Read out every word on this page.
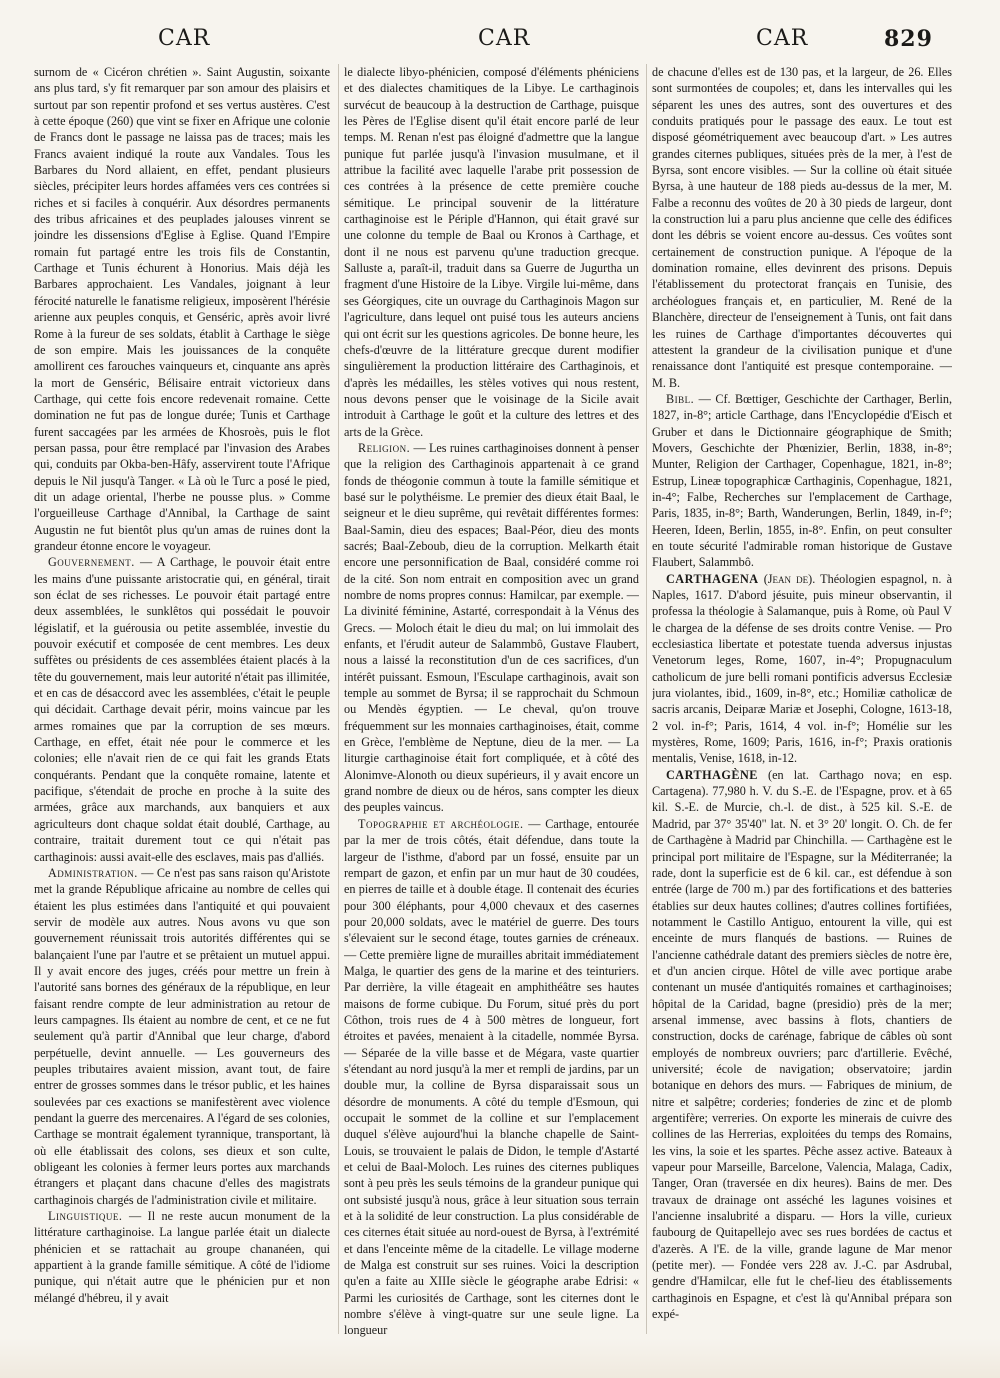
CAR	CAR	CAR	829

surnom de « Cicéron chrétien ». Saint Augustin, soixante ans plus tard, s'y fit remarquer par son amour des plaisirs et surtout par son repentir profond et ses vertus austères. C'est à cette époque (260) que vint se fixer en Afrique une colonie de Francs dont le passage ne laissa pas de traces; mais les Francs avaient indiqué la route aux Vandales. Tous les Barbares du Nord allaient, en effet, pendant plusieurs siècles, précipiter leurs hordes affamées vers ces contrées si riches et si faciles à conquérir. Aux désordres permanents des tribus africaines et des peuplades jalouses vinrent se joindre les dissensions d'Eglise à Eglise. Quand l'Empire romain fut partagé entre les trois fils de Constantin, Carthage et Tunis échurent à Honorius. Mais déjà les Barbares approchaient. Les Vandales, joignant à leur férocité naturelle le fanatisme religieux, imposèrent l'hérésie arienne aux peuples conquis, et Genséric, après avoir livré Rome à la fureur de ses soldats, établit à Carthage le siège de son empire. Mais les jouissances de la conquête amollirent ces farouches vainqueurs et, cinquante ans après la mort de Genséric, Bélisaire entrait victorieux dans Carthage, qui cette fois encore redevenait romaine. Cette domination ne fut pas de longue durée; Tunis et Carthage furent saccagées par les armées de Khosroès, puis le flot persan passa, pour être remplacé par l'invasion des Arabes qui, conduits par Okba-ben-Hâfy, asservirent toute l'Afrique depuis le Nil jusqu'à Tanger. « Là où le Turc a posé le pied, dit un adage oriental, l'herbe ne pousse plus. » Comme l'orgueilleuse Carthage d'Annibal, la Carthage de saint Augustin ne fut bientôt plus qu'un amas de ruines dont la grandeur étonne encore le voyageur.

Gouvernement. — A Carthage, le pouvoir était entre les mains d'une puissante aristocratie qui, en général, tirait son éclat de ses richesses. Le pouvoir était partagé entre deux assemblées, le sunklêtos qui possédait le pouvoir législatif, et la guérousia ou petite assemblée, investie du pouvoir exécutif et composée de cent membres. Les deux suffètes ou présidents de ces assemblées étaient placés à la tête du gouvernement, mais leur autorité n'était pas illimitée, et en cas de désaccord avec les assemblées, c'était le peuple qui décidait. Carthage devait périr, moins vaincue par les armes romaines que par la corruption de ses mœurs. Carthage, en effet, était née pour le commerce et les colonies; elle n'avait rien de ce qui fait les grands Etats conquérants. Pendant que la conquête romaine, latente et pacifique, s'étendait de proche en proche à la suite des armées, grâce aux marchands, aux banquiers et aux agriculteurs dont chaque soldat était doublé, Carthage, au contraire, traitait durement tout ce qui n'était pas carthaginois: aussi avait-elle des esclaves, mais pas d'alliés.

Administration. — Ce n'est pas sans raison qu'Aristote met la grande République africaine au nombre de celles qui étaient les plus estimées dans l'antiquité et qui pouvaient servir de modèle aux autres. Nous avons vu que son gouvernement réunissait trois autorités différentes qui se balançaient l'une par l'autre et se prêtaient un mutuel appui. Il y avait encore des juges, créés pour mettre un frein à l'autorité sans bornes des généraux de la république, en leur faisant rendre compte de leur administration au retour de leurs campagnes. Ils étaient au nombre de cent, et ce ne fut seulement qu'à partir d'Annibal que leur charge, d'abord perpétuelle, devint annuelle. — Les gouverneurs des peuples tributaires avaient mission, avant tout, de faire entrer de grosses sommes dans le trésor public, et les haines soulevées par ces exactions se manifestèrent avec violence pendant la guerre des mercenaires. A l'égard de ses colonies, Carthage se montrait également tyrannique, transportant, là où elle établissait des colons, ses dieux et son culte, obligeant les colonies à fermer leurs portes aux marchands étrangers et plaçant dans chacune d'elles des magistrats carthaginois chargés de l'administration civile et militaire.

Linguistique. — Il ne reste aucun monument de la littérature carthaginoise. La langue parlée était un dialecte phénicien et se rattachait au groupe chananéen, qui appartient à la grande famille sémitique. A côté de l'idiome punique, qui n'était autre que le phénicien pur et non mélangé d'hébreu, il y avait

le dialecte libyo-phénicien, composé d'éléments phéniciens et des dialectes chamitiques de la Libye. Le carthaginois survécut de beaucoup à la destruction de Carthage, puisque les Pères de l'Eglise disent qu'il était encore parlé de leur temps. M. Renan n'est pas éloigné d'admettre que la langue punique fut parlée jusqu'à l'invasion musulmane, et il attribue la facilité avec laquelle l'arabe prit possession de ces contrées à la présence de cette première couche sémitique. Le principal souvenir de la littérature carthaginoise est le Périple d'Hannon, qui était gravé sur une colonne du temple de Baal ou Kronos à Carthage, et dont il ne nous est parvenu qu'une traduction grecque. Salluste a, paraît-il, traduit dans sa Guerre de Jugurtha un fragment d'une Histoire de la Libye. Virgile lui-même, dans ses Géorgiques, cite un ouvrage du Carthaginois Magon sur l'agriculture, dans lequel ont puisé tous les auteurs anciens qui ont écrit sur les questions agricoles. De bonne heure, les chefs-d'œuvre de la littérature grecque durent modifier singulièrement la production littéraire des Carthaginois, et d'après les médailles, les stèles votives qui nous restent, nous devons penser que le voisinage de la Sicile avait introduit à Carthage le goût et la culture des lettres et des arts de la Grèce.

Religion. — Les ruines carthaginoises donnent à penser que la religion des Carthaginois appartenait à ce grand fonds de théogonie commun à toute la famille sémitique et basé sur le polythéisme. Le premier des dieux était Baal, le seigneur et le dieu suprême, qui revêtait différentes formes: Baal-Samin, dieu des espaces; Baal-Péor, dieu des monts sacrés; Baal-Zeboub, dieu de la corruption. Melkarth était encore une personnification de Baal, considéré comme roi de la cité. Son nom entrait en composition avec un grand nombre de noms propres connus: Hamilcar, par exemple. — La divinité féminine, Astarté, correspondait à la Vénus des Grecs. — Moloch était le dieu du mal; on lui immolait des enfants, et l'érudit auteur de Salammbô, Gustave Flaubert, nous a laissé la reconstitution d'un de ces sacrifices, d'un intérêt puissant. Esmoun, l'Esculape carthaginois, avait son temple au sommet de Byrsa; il se rapprochait du Schmoun ou Mendès égyptien. — Le cheval, qu'on trouve fréquemment sur les monnaies carthaginoises, était, comme en Grèce, l'emblème de Neptune, dieu de la mer. — La liturgie carthaginoise était fort compliquée, et à côté des Alonimve-Alonoth ou dieux supérieurs, il y avait encore un grand nombre de dieux ou de héros, sans compter les dieux des peuples vaincus.

Topographie et archéologie. — Carthage, entourée par la mer de trois côtés, était défendue, dans toute la largeur de l'isthme, d'abord par un fossé, ensuite par un rempart de gazon, et enfin par un mur haut de 30 coudées, en pierres de taille et à double étage. Il contenait des écuries pour 300 éléphants, pour 4,000 chevaux et des casernes pour 20,000 soldats, avec le matériel de guerre. Des tours s'élevaient sur le second étage, toutes garnies de créneaux. — Cette première ligne de murailles abritait immédiatement Malga, le quartier des gens de la marine et des teinturiers. Par derrière, la ville étageait en amphithéâtre ses hautes maisons de forme cubique. Du Forum, situé près du port Côthon, trois rues de 4 à 500 mètres de longueur, fort étroites et pavées, menaient à la citadelle, nommée Byrsa. — Séparée de la ville basse et de Mégara, vaste quartier s'étendant au nord jusqu'à la mer et rempli de jardins, par un double mur, la colline de Byrsa disparaissait sous un désordre de monuments. A côté du temple d'Esmoun, qui occupait le sommet de la colline et sur l'emplacement duquel s'élève aujourd'hui la blanche chapelle de Saint-Louis, se trouvaient le palais de Didon, le temple d'Astarté et celui de Baal-Moloch. Les ruines des citernes publiques sont à peu près les seuls témoins de la grandeur punique qui ont subsisté jusqu'à nous, grâce à leur situation sous terrain et à la solidité de leur construction. La plus considérable de ces citernes était située au nord-ouest de Byrsa, à l'extrémité et dans l'enceinte même de la citadelle. Le village moderne de Malga est construit sur ses ruines. Voici la description qu'en a faite au XIIIe siècle le géographe arabe Edrisi: « Parmi les curiosités de Carthage, sont les citernes dont le nombre s'élève à vingt-quatre sur une seule ligne. La longueur

de chacune d'elles est de 130 pas, et la largeur, de 26. Elles sont surmontées de coupoles; et, dans les intervalles qui les séparent les unes des autres, sont des ouvertures et des conduits pratiqués pour le passage des eaux. Le tout est disposé géométriquement avec beaucoup d'art. » Les autres grandes citernes publiques, situées près de la mer, à l'est de Byrsa, sont encore visibles. — Sur la colline où était située Byrsa, à une hauteur de 188 pieds au-dessus de la mer, M. Falbe a reconnu des voûtes de 20 à 30 pieds de largeur, dont la construction lui a paru plus ancienne que celle des édifices dont les débris se voient encore au-dessus. Ces voûtes sont certainement de construction punique. A l'époque de la domination romaine, elles devinrent des prisons. Depuis l'établissement du protectorat français en Tunisie, des archéologues français et, en particulier, M. René de la Blanchère, directeur de l'enseignement à Tunis, ont fait dans les ruines de Carthage d'importantes découvertes qui attestent la grandeur de la civilisation punique et d'une renaissance dont l'antiquité est presque contemporaine. — M. B.

Bibl. — Cf. Bœttiger, Geschichte der Carthager, Berlin, 1827, in-8°; article Carthage, dans l'Encyclopédie d'Eisch et Gruber et dans le Dictionnaire géographique de Smith; Movers, Geschichte der Phœnizier, Berlin, 1838, in-8°; Munter, Religion der Carthager, Copenhague, 1821, in-8°; Estrup, Lineæ topographicæ Carthaginis, Copenhague, 1821, in-4°; Falbe, Recherches sur l'emplacement de Carthage, Paris, 1835, in-8°; Barth, Wanderungen, Berlin, 1849, in-f°; Heeren, Ideen, Berlin, 1855, in-8°. Enfin, on peut consulter en toute sécurité l'admirable roman historique de Gustave Flaubert, Salammbô.

CARTHAGENA (Jean de). Théologien espagnol, n. à Naples, 1617. D'abord jésuite, puis mineur observantin, il professa la théologie à Salamanque, puis à Rome, où Paul V le chargea de la défense de ses droits contre Venise. — Pro ecclesiastica libertate et potestate tuenda adversus injustas Venetorum leges, Rome, 1607, in-4°; Propugnaculum catholicum de jure belli romani pontificis adversus Ecclesiæ jura violantes, ibid., 1609, in-8°, etc.; Homiliæ catholicæ de sacris arcanis, Deiparæ Mariæ et Josephi, Cologne, 1613-18, 2 vol. in-f°; Paris, 1614, 4 vol. in-f°; Homélie sur les mystères, Rome, 1609; Paris, 1616, in-f°; Praxis orationis mentalis, Venise, 1618, in-12.

CARTHAGÈNE (en lat. Carthago nova; en esp. Cartagena). 77,980 h. V. du S.-E. de l'Espagne, prov. et à 65 kil. S.-E. de Murcie, ch.-l. de dist., à 525 kil. S.-E. de Madrid, par 37° 35'40" lat. N. et 3° 20' longit. O. Ch. de fer de Carthagène à Madrid par Chinchilla. — Carthagène est le principal port militaire de l'Espagne, sur la Méditerranée; la rade, dont la superficie est de 6 kil. car., est défendue à son entrée (large de 700 m.) par des fortifications et des batteries établies sur deux hautes collines; d'autres collines fortifiées, notamment le Castillo Antiguo, entourent la ville, qui est enceinte de murs flanqués de bastions. — Ruines de l'ancienne cathédrale datant des premiers siècles de notre ère, et d'un ancien cirque. Hôtel de ville avec portique arabe contenant un musée d'antiquités romaines et carthaginoises; hôpital de la Caridad, bagne (presidio) près de la mer; arsenal immense, avec bassins à flots, chantiers de construction, docks de carénage, fabrique de câbles où sont employés de nombreux ouvriers; parc d'artillerie. Evêché, université; école de navigation; observatoire; jardin botanique en dehors des murs. — Fabriques de minium, de nitre et salpêtre; corderies; fonderies de zinc et de plomb argentifère; verreries. On exporte les minerais de cuivre des collines de las Herrerias, exploitées du temps des Romains, les vins, la soie et les spartes. Pêche assez active. Bateaux à vapeur pour Marseille, Barcelone, Valencia, Malaga, Cadix, Tanger, Oran (traversée en dix heures). Bains de mer. Des travaux de drainage ont asséché les lagunes voisines et l'ancienne insalubrité a disparu. — Hors la ville, curieux faubourg de Quitapellejo avec ses rues bordées de cactus et d'azerès. A l'E. de la ville, grande lagune de Mar menor (petite mer). — Fondée vers 228 av. J.-C. par Asdrubal, gendre d'Hamilcar, elle fut le chef-lieu des établissements carthaginois en Espagne, et c'est là qu'Annibal prépara son expé-
